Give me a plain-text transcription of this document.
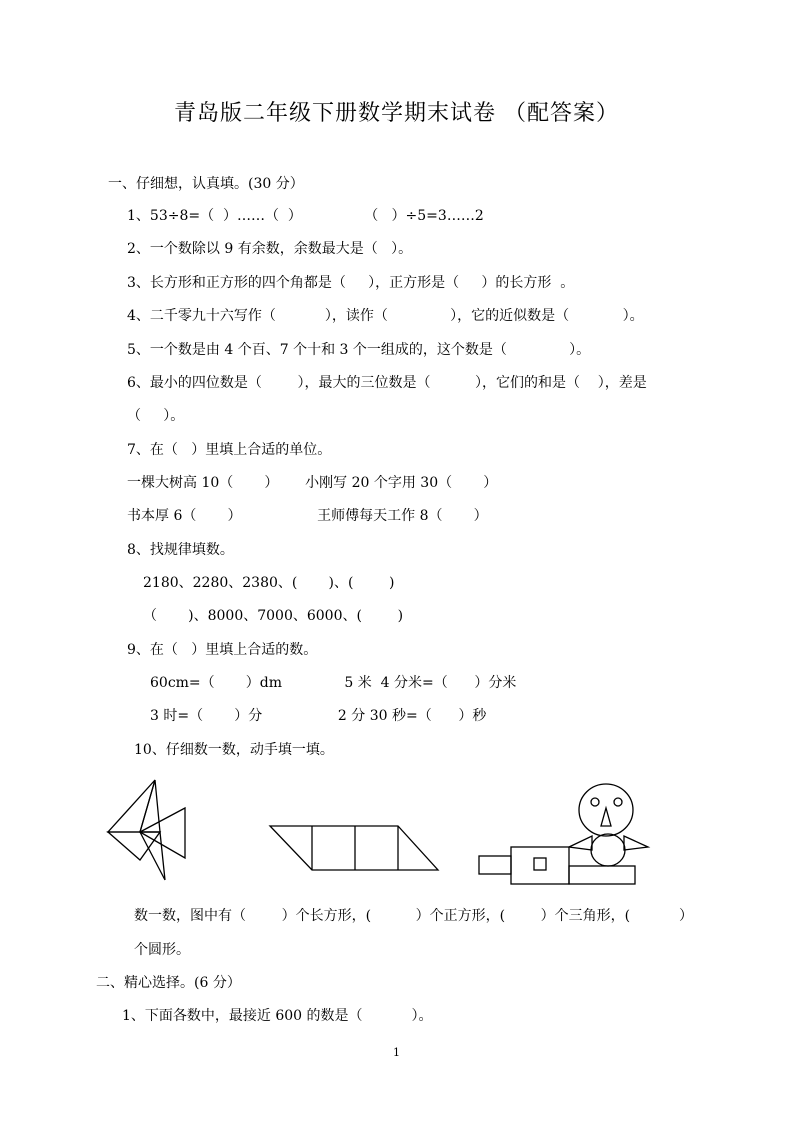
青岛版二年级下册数学期末试卷 （配答案）
一、仔细想，认真填。(30 分）
1、53÷8=（  ）……（  ）              （   ）÷5=3……2
2、一个数除以 9 有余数，余数最大是（   ）。
3、长方形和正方形的四个角都是（     ），正方形是（     ）的长方形  。
4、二千零九十六写作（           ），读作（              ），它的近似数是（            ）。
5、一个数是由 4 个百、7 个十和 3 个一组成的，这个数是（              ）。
6、最小的四位数是（        ），最大的三位数是（          ），它们的和是（    ），差是
（     ）。
7、在（   ）里填上合适的单位。
一棵大树高 10（       ）      小刚写 20 个字用 30（       ）
书本厚 6（       ）                 王师傅每天工作 8（       ）
8、找规律填数。
2180、2280、2380、(       )、(        )
（       )、8000、7000、6000、(        )
9、在（   ）里填上合适的数。
60cm=（       ）dm              5 米  4 分米=（      ）分米
3 时=（       ）分                 2 分 30 秒=（      ）秒
10、仔细数一数，动手填一填。
数一数，图中有（        ）个长方形，(          ）个正方形，(        ）个三角形，(           ）
个圆形。
二、精心选择。(6 分）
1、下面各数中，最接近 600 的数是（           ）。
1
